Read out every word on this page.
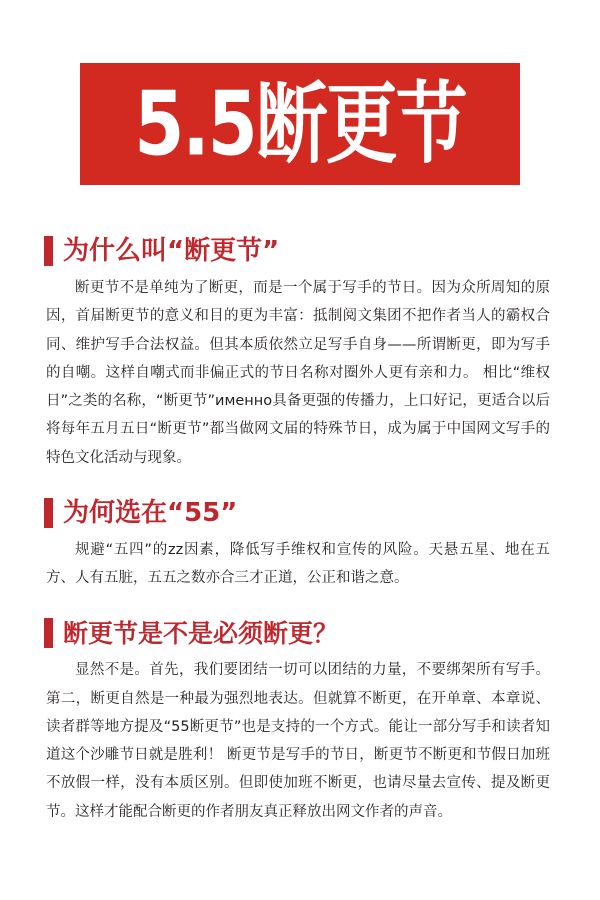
5.5断更节
为什么叫“断更节”

断更节不是单纯为了断更，而是一个属于写手的节日。因为众所周知的原因，首届断更节的意义和目的更为丰富：抵制阅文集团不把作者当人的霸权合同、维护写手合法权益。但其本质依然立足写手自身——所谓断更，即为写手的自嘲。这样自嘲式而非偏正式的节日名称对圈外人更有亲和力。 相比“维权日”之类的名称，“断更节”именно具备更强的传播力，上口好记，更适合以后将每年五月五日“断更节”都当做网文届的特殊节日，成为属于中国网文写手的特色文化活动与现象。

为何选在“55”

规避“五四”的zz因素，降低写手维权和宣传的风险。天悬五星、地在五方、人有五脏，五五之数亦合三才正道，公正和谐之意。

断更节是不是必须断更？

显然不是。首先，我们要团结一切可以团结的力量，不要绑架所有写手。第二，断更自然是一种最为强烈地表达。但就算不断更，在开单章、本章说、读者群等地方提及“55断更节”也是支持的一个方式。能让一部分写手和读者知道这个沙雕节日就是胜利！ 断更节是写手的节日，断更节不断更和节假日加班不放假一样，没有本质区别。但即使加班不断更，也请尽量去宣传、提及断更节。这样才能配合断更的作者朋友真正释放出网文作者的声音。
